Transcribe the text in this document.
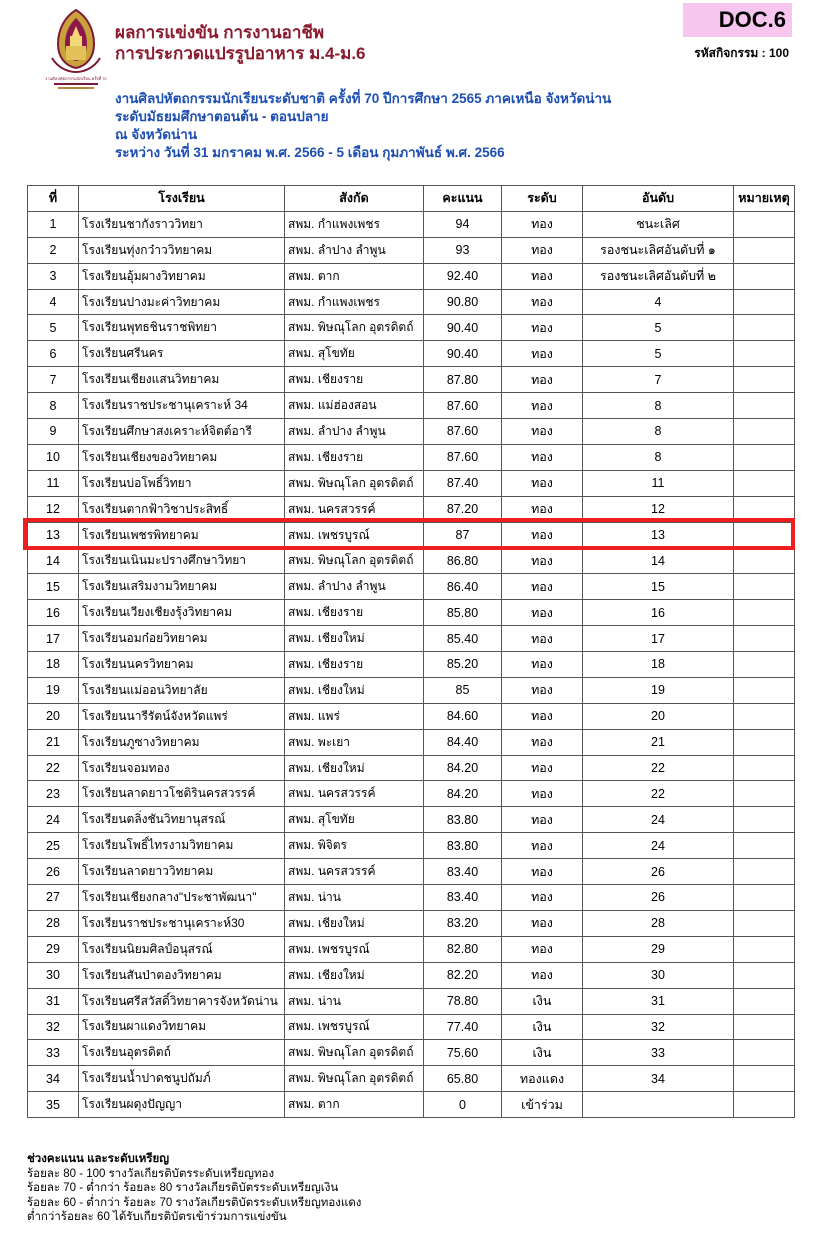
งานศิลปหัตถกรรมนักเรียน ครั้งที่ 70
ผลการแข่งขัน การงานอาชีพ
การประกวดแปรรูปอาหาร ม.4-ม.6
DOC.6
รหัสกิจกรรม : 100
งานศิลปหัตถกรรมนักเรียนระดับชาติ ครั้งที่ 70 ปีการศึกษา 2565 ภาคเหนือ จังหวัดน่าน
ระดับมัธยมศึกษาตอนต้น - ตอนปลาย
ณ จังหวัดน่าน
ระหว่าง วันที่ 31 มกราคม พ.ศ. 2566 - 5 เดือน กุมภาพันธ์ พ.ศ. 2566
ที่	โรงเรียน	สังกัด	คะแนน	ระดับ	อันดับ	หมายเหตุ
1	โรงเรียนชากังราววิทยา	สพม. กำแพงเพชร	94	ทอง	ชนะเลิศ	
2	โรงเรียนทุ่งกว๋าววิทยาคม	สพม. ลำปาง ลำพูน	93	ทอง	รองชนะเลิศอันดับที่ ๑	
3	โรงเรียนอุ้มผางวิทยาคม	สพม. ตาก	92.40	ทอง	รองชนะเลิศอันดับที่ ๒	
4	โรงเรียนปางมะค่าวิทยาคม	สพม. กำแพงเพชร	90.80	ทอง	4	
5	โรงเรียนพุทธชินราชพิทยา	สพม. พิษณุโลก อุตรดิตถ์	90.40	ทอง	5	
6	โรงเรียนศรีนคร	สพม. สุโขทัย	90.40	ทอง	5	
7	โรงเรียนเชียงแสนวิทยาคม	สพม. เชียงราย	87.80	ทอง	7	
8	โรงเรียนราชประชานุเคราะห์ 34	สพม. แม่ฮ่องสอน	87.60	ทอง	8	
9	โรงเรียนศึกษาสงเคราะห์จิตต์อารี	สพม. ลำปาง ลำพูน	87.60	ทอง	8	
10	โรงเรียนเชียงของวิทยาคม	สพม. เชียงราย	87.60	ทอง	8	
11	โรงเรียนบ่อโพธิ์วิทยา	สพม. พิษณุโลก อุตรดิตถ์	87.40	ทอง	11	
12	โรงเรียนตากฟ้าวิชาประสิทธิ์	สพม. นครสวรรค์	87.20	ทอง	12	
13	โรงเรียนเพชรพิทยาคม	สพม. เพชรบูรณ์	87	ทอง	13	
14	โรงเรียนเนินมะปรางศึกษาวิทยา	สพม. พิษณุโลก อุตรดิตถ์	86.80	ทอง	14	
15	โรงเรียนเสริมงามวิทยาคม	สพม. ลำปาง ลำพูน	86.40	ทอง	15	
16	โรงเรียนเวียงเชียงรุ้งวิทยาคม	สพม. เชียงราย	85.80	ทอง	16	
17	โรงเรียนอมก๋อยวิทยาคม	สพม. เชียงใหม่	85.40	ทอง	17	
18	โรงเรียนนครวิทยาคม	สพม. เชียงราย	85.20	ทอง	18	
19	โรงเรียนแม่ออนวิทยาลัย	สพม. เชียงใหม่	85	ทอง	19	
20	โรงเรียนนารีรัตน์จังหวัดแพร่	สพม. แพร่	84.60	ทอง	20	
21	โรงเรียนภูซางวิทยาคม	สพม. พะเยา	84.40	ทอง	21	
22	โรงเรียนจอมทอง	สพม. เชียงใหม่	84.20	ทอง	22	
23	โรงเรียนลาดยาวโชติรินครสวรรค์	สพม. นครสวรรค์	84.20	ทอง	22	
24	โรงเรียนตลิ่งชันวิทยานุสรณ์	สพม. สุโขทัย	83.80	ทอง	24	
25	โรงเรียนโพธิ์ไทรงามวิทยาคม	สพม. พิจิตร	83.80	ทอง	24	
26	โรงเรียนลาดยาววิทยาคม	สพม. นครสวรรค์	83.40	ทอง	26	
27	โรงเรียนเชียงกลาง"ประชาพัฒนา"	สพม. น่าน	83.40	ทอง	26	
28	โรงเรียนราชประชานุเคราะห์30	สพม. เชียงใหม่	83.20	ทอง	28	
29	โรงเรียนนิยมศิลป์อนุสรณ์	สพม. เพชรบูรณ์	82.80	ทอง	29	
30	โรงเรียนสันป่าตองวิทยาคม	สพม. เชียงใหม่	82.20	ทอง	30	
31	โรงเรียนศรีสวัสดิ์วิทยาคารจังหวัดน่าน	สพม. น่าน	78.80	เงิน	31	
32	โรงเรียนผาแดงวิทยาคม	สพม. เพชรบูรณ์	77.40	เงิน	32	
33	โรงเรียนอุตรดิตถ์	สพม. พิษณุโลก อุตรดิตถ์	75.60	เงิน	33	
34	โรงเรียนน้ำปาดชนูปถัมภ์	สพม. พิษณุโลก อุตรดิตถ์	65.80	ทองแดง	34	
35	โรงเรียนผดุงปัญญา	สพม. ตาก	0	เข้าร่วม		
ช่วงคะแนน และระดับเหรียญ
ร้อยละ 80 - 100 รางวัลเกียรติบัตรระดับเหรียญทอง
ร้อยละ 70 - ต่ำกว่า ร้อยละ 80 รางวัลเกียรติบัตรระดับเหรียญเงิน
ร้อยละ 60 - ต่ำกว่า ร้อยละ 70 รางวัลเกียรติบัตรระดับเหรียญทองแดง
ต่ำกว่าร้อยละ 60 ได้รับเกียรติบัตรเข้าร่วมการแข่งขัน
